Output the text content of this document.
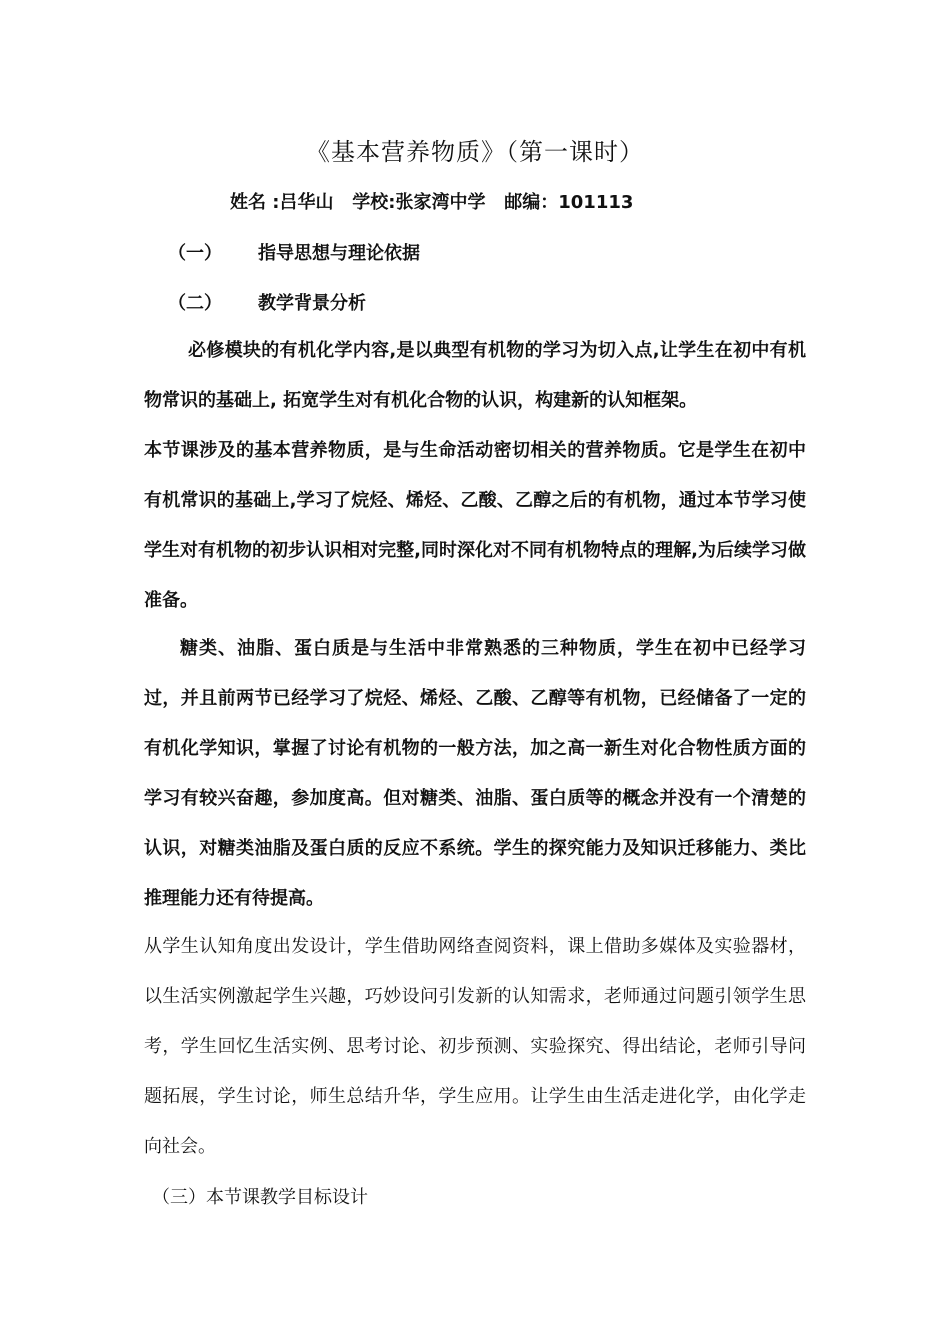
《基本营养物质》（第一课时）
姓名 :吕华山   学校:张家湾中学   邮编：101113
（一） 指导思想与理论依据
（二） 教学背景分析

必修模块的有机化学内容,是以典型有机物的学习为切入点,让学生在初中有机物常识的基础上, 拓宽学生对有机化合物的认识，构建新的认知框架。

本节课涉及的基本营养物质，是与生命活动密切相关的营养物质。它是学生在初中有机常识的基础上,学习了烷烃、烯烃、乙酸、乙醇之后的有机物，通过本节学习使学生对有机物的初步认识相对完整,同时深化对不同有机物特点的理解,为后续学习做准备。

糖类、油脂、蛋白质是与生活中非常熟悉的三种物质，学生在初中已经学习过，并且前两节已经学习了烷烃、烯烃、乙酸、乙醇等有机物，已经储备了一定的有机化学知识，掌握了讨论有机物的一般方法，加之高一新生对化合物性质方面的学习有较兴奋趣，参加度高。但对糖类、油脂、蛋白质等的概念并没有一个清楚的认识，对糖类油脂及蛋白质的反应不系统。学生的探究能力及知识迁移能力、类比推理能力还有待提高。

从学生认知角度出发设计，学生借助网络查阅资料，课上借助多媒体及实验器材，以生活实例激起学生兴趣，巧妙设问引发新的认知需求，老师通过问题引领学生思考，学生回忆生活实例、思考讨论、初步预测、实验探究、得出结论，老师引导问题拓展，学生讨论，师生总结升华，学生应用。让学生由生活走进化学，由化学走向社会。

（三）本节课教学目标设计
